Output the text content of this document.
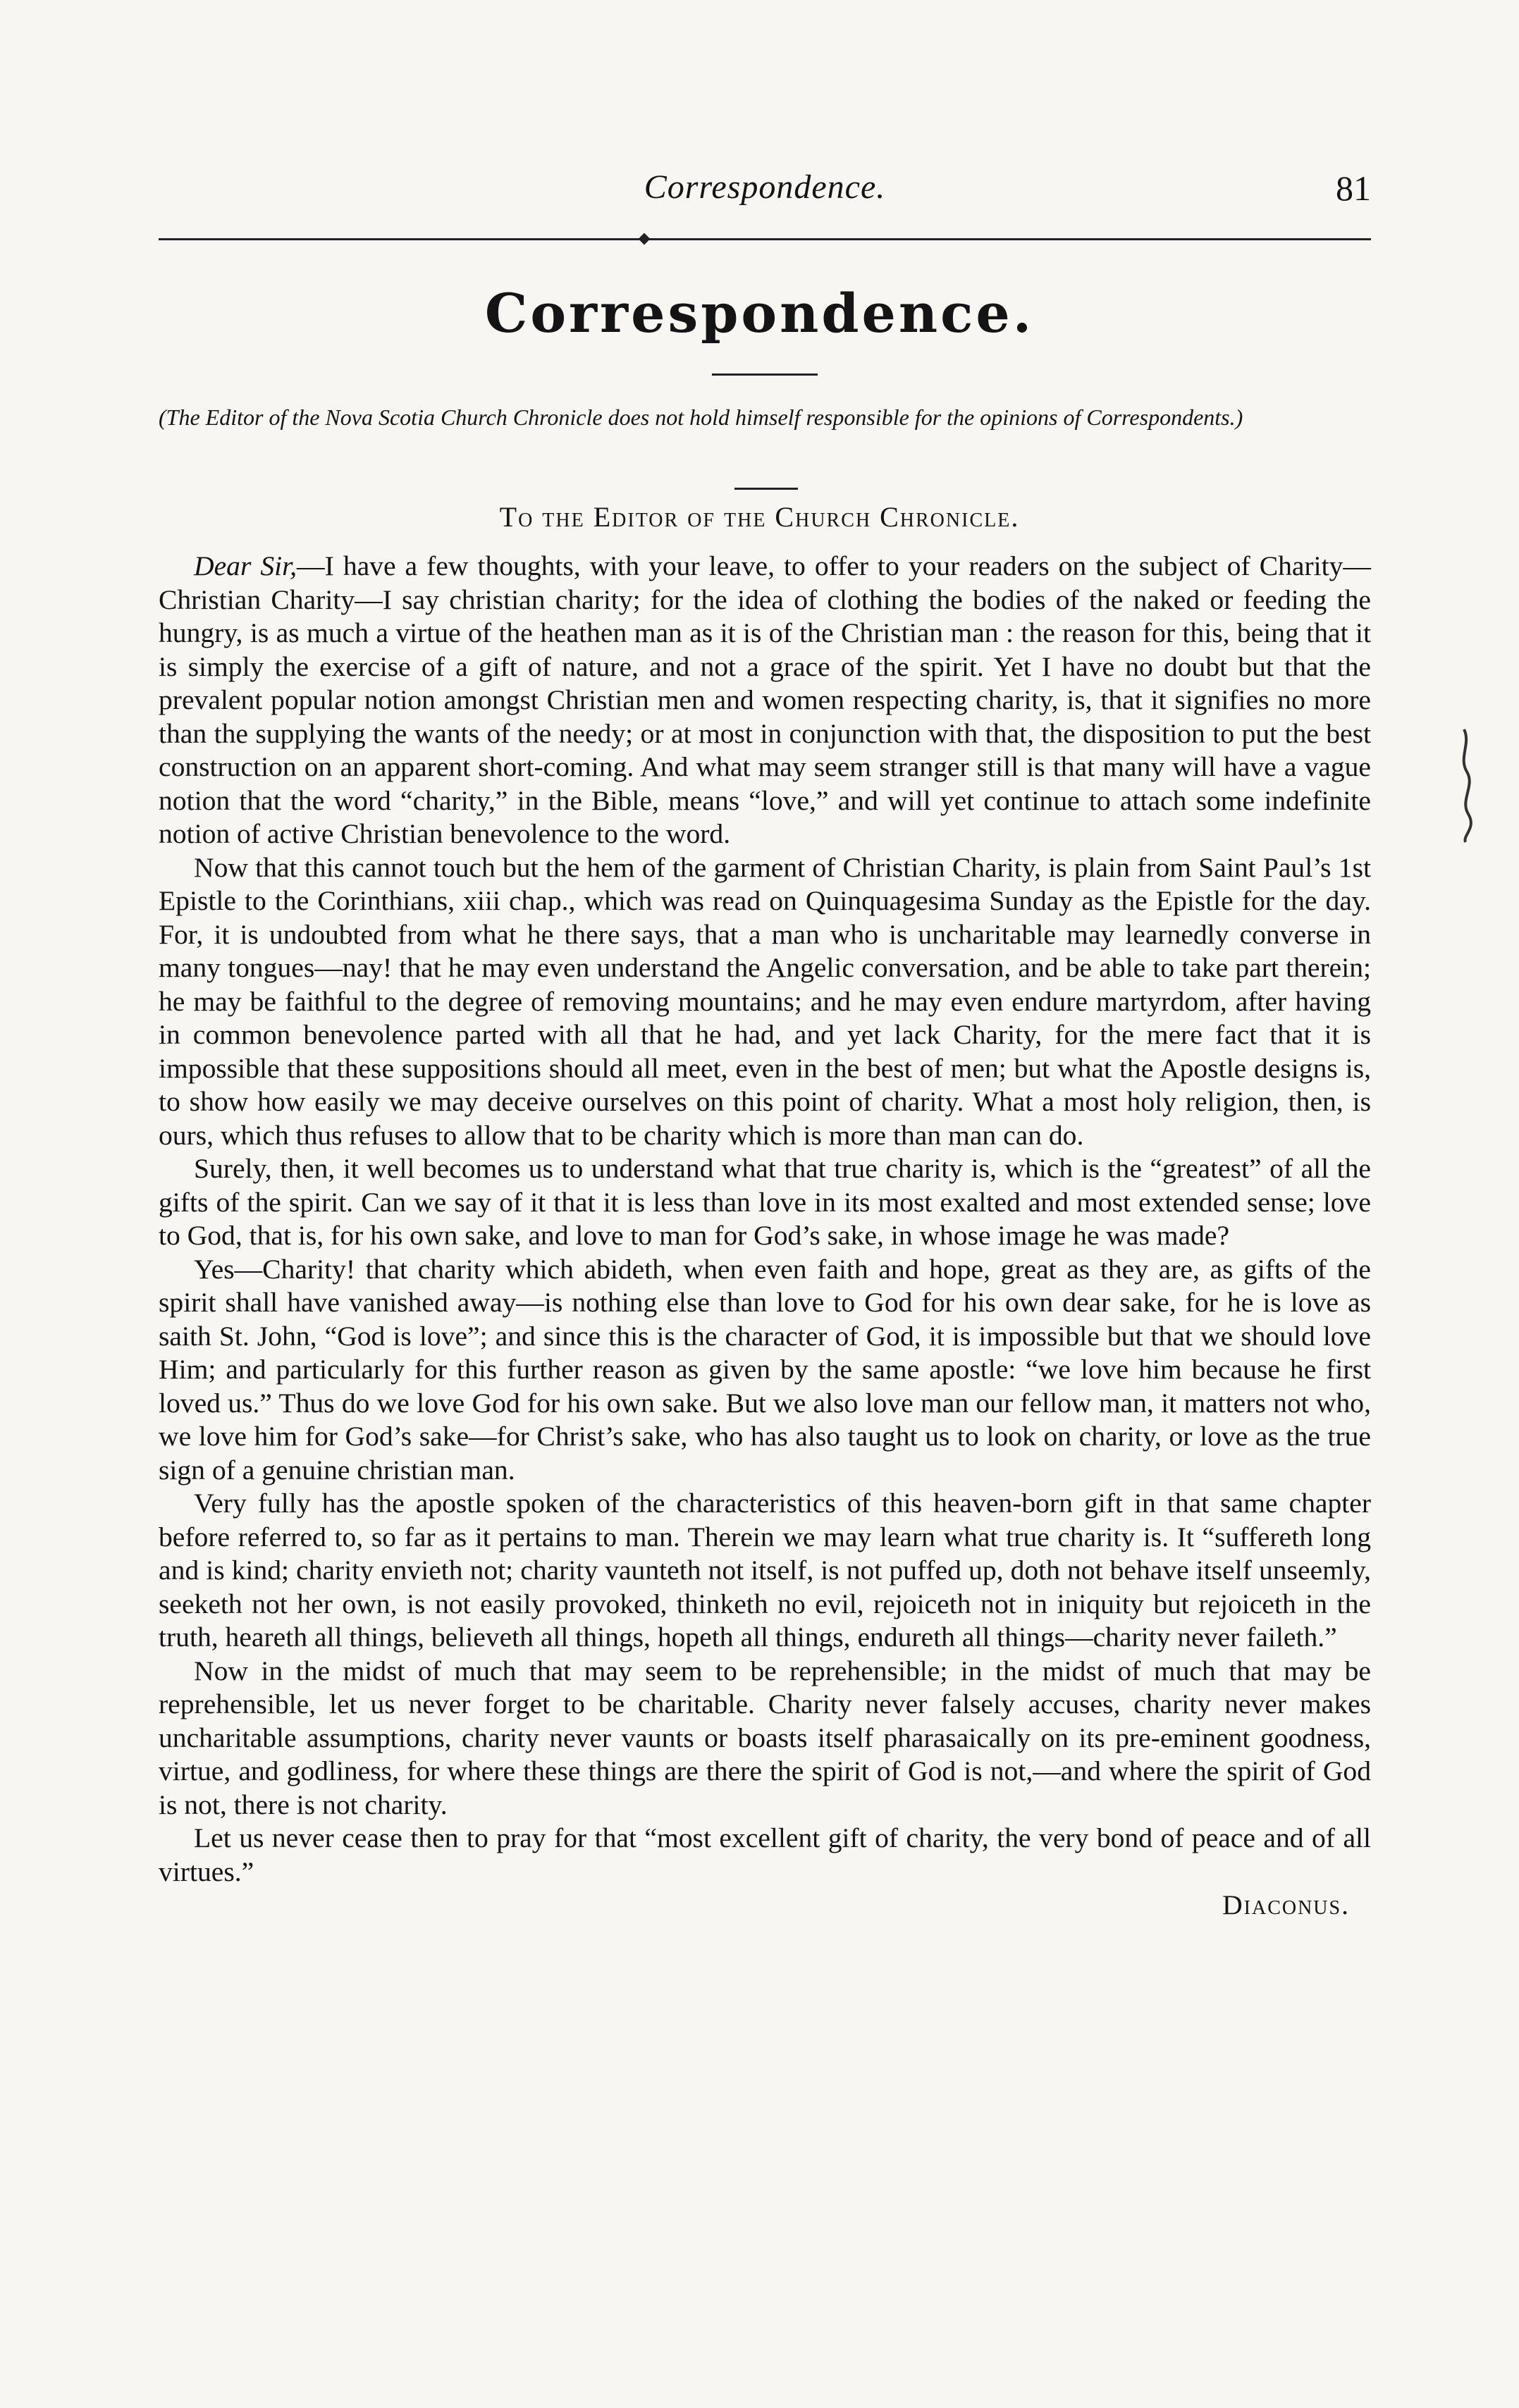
Correspondence.	81
Correspondence.
(The Editor of the Nova Scotia Church Chronicle does not hold himself responsible for the opinions of Correspondents.)
To the Editor of the Church Chronicle.

Dear Sir,—I have a few thoughts, with your leave, to offer to your readers on the subject of Charity—Christian Charity—I say christian charity; for the idea of clothing the bodies of the naked or feeding the hungry, is as much a virtue of the heathen man as it is of the Christian man : the reason for this, being that it is simply the exercise of a gift of nature, and not a grace of the spirit. Yet I have no doubt but that the prevalent popular notion amongst Christian men and women respecting charity, is, that it signifies no more than the supplying the wants of the needy; or at most in conjunction with that, the disposition to put the best construction on an apparent short-coming. And what may seem stranger still is that many will have a vague notion that the word “charity,” in the Bible, means “love,” and will yet continue to attach some indefinite notion of active Christian benevolence to the word.

Now that this cannot touch but the hem of the garment of Christian Charity, is plain from Saint Paul’s 1st Epistle to the Corinthians, xiii chap., which was read on Quinquagesima Sunday as the Epistle for the day. For, it is undoubted from what he there says, that a man who is uncharitable may learnedly converse in many tongues—nay! that he may even understand the Angelic conversation, and be able to take part therein; he may be faithful to the degree of removing mountains; and he may even endure martyrdom, after having in common benevolence parted with all that he had, and yet lack Charity, for the mere fact that it is impossible that these suppositions should all meet, even in the best of men; but what the Apostle designs is, to show how easily we may deceive ourselves on this point of charity. What a most holy religion, then, is ours, which thus refuses to allow that to be charity which is more than man can do.

Surely, then, it well becomes us to understand what that true charity is, which is the “greatest” of all the gifts of the spirit. Can we say of it that it is less than love in its most exalted and most extended sense; love to God, that is, for his own sake, and love to man for God’s sake, in whose image he was made?

Yes—Charity! that charity which abideth, when even faith and hope, great as they are, as gifts of the spirit shall have vanished away—is nothing else than love to God for his own dear sake, for he is love as saith St. John, “God is love”; and since this is the character of God, it is impossible but that we should love Him; and particularly for this further reason as given by the same apostle: “we love him because he first loved us.” Thus do we love God for his own sake. But we also love man our fellow man, it matters not who, we love him for God’s sake—for Christ’s sake, who has also taught us to look on charity, or love as the true sign of a genuine christian man.

Very fully has the apostle spoken of the characteristics of this heaven-born gift in that same chapter before referred to, so far as it pertains to man. Therein we may learn what true charity is. It “suffereth long and is kind; charity envieth not; charity vaunteth not itself, is not puffed up, doth not behave itself unseemly, seeketh not her own, is not easily provoked, thinketh no evil, rejoiceth not in iniquity but rejoiceth in the truth, heareth all things, believeth all things, hopeth all things, endureth all things—charity never faileth.”

Now in the midst of much that may seem to be reprehensible; in the midst of much that may be reprehensible, let us never forget to be charitable. Charity never falsely accuses, charity never makes uncharitable assumptions, charity never vaunts or boasts itself pharasaically on its pre-eminent goodness, virtue, and godliness, for where these things are there the spirit of God is not,—and where the spirit of God is not, there is not charity.

Let us never cease then to pray for that “most excellent gift of charity, the very bond of peace and of all virtues.”

Diaconus.
